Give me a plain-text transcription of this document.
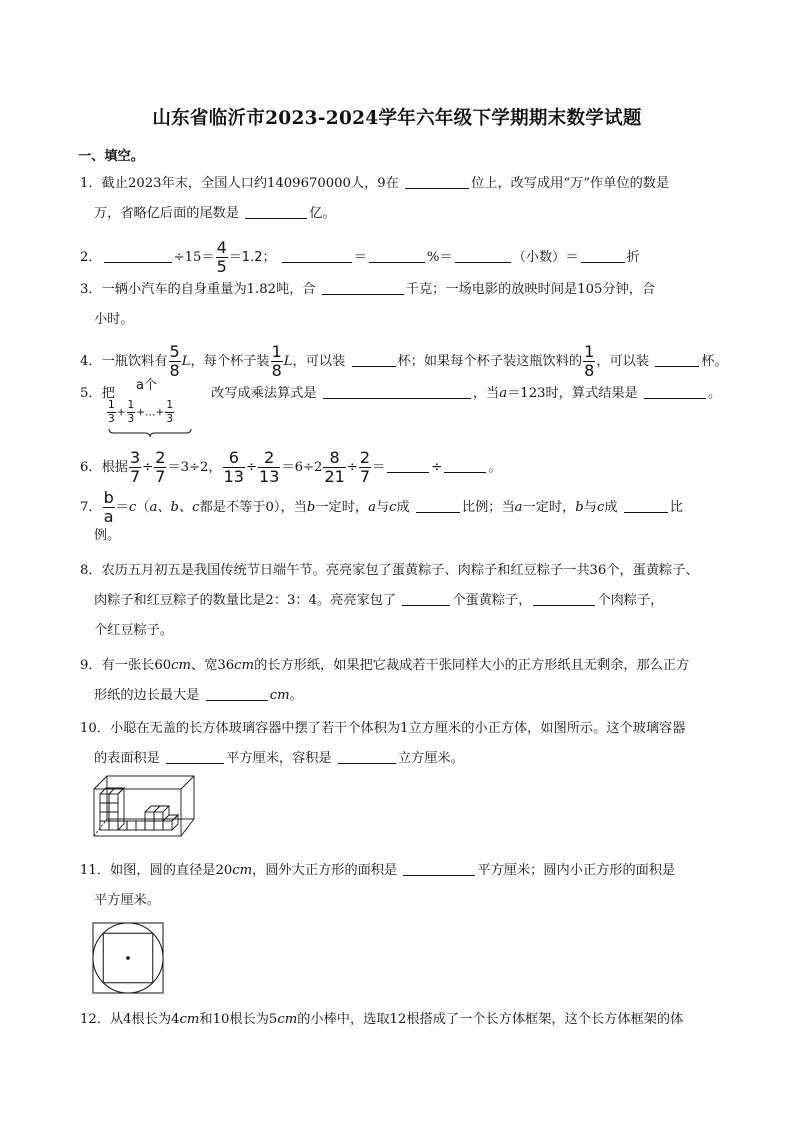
山东省临沂市2023-2024学年六年级下学期期末数学试题
一、填空。
1．截止2023年末，全国人口约1409670000人，9在	位上，改写成用“万”作单位的数是
万，省略亿后面的尾数是	亿。
2．	$\div 15= \frac{4}{5} =1.2$；	＝	%＝	（小数）＝	折
3．一辆小汽车的自身重量为1.82吨，合	千克；一场电影的放映时间是105分钟，合
小时。
4．一瓶饮料有 $\frac{5}{8}$ L，每个杯子装 $\frac{1}{8}$ L，可以装	杯；如果每个杯子装这瓶饮料的 $\frac{1}{8}$ ，可以装	杯。
5．把	改写成乘法算式是	，当a＝123时，算式结果是	。
a个
$\frac{1}{3} + \frac{1}{3}$ +…+ $\frac{1}{3}$
6．根据 $\frac{3}{7} \div \frac{2}{7} =3\div 2$， $\frac{6}{13} \div \frac{2}{13} =6\div 2 \frac{8}{21} \div \frac{2}{7}$ ＝	÷	。
7． $\frac{b}{a} =c(a$、b、c都是不等于0），当b一定时，a与c成	比例；当a一定时，b与c成	比
例。
8．农历五月初五是我国传统节日端午节。亮亮家包了蛋黄粽子、肉粽子和红豆粽子一共36个，蛋黄粽子、
肉粽子和红豆粽子的数量比是2：3：4。亮亮家包了	个蛋黄粽子，	个肉粽子，
个红豆粽子。
9．有一张长60cm、宽36cm的长方形纸，如果把它裁成若干张同样大小的正方形纸且无剩余，那么正方
形纸的边长最大是	cm。
10．小聪在无盖的长方体玻璃容器中摆了若干个体积为1立方厘米的小正方体，如图所示。这个玻璃容器
的表面积是	平方厘米，容积是	立方厘米。
11．如图，圆的直径是20cm，圆外大正方形的面积是	平方厘米；圆内小正方形的面积是
平方厘米。
12．从4根长为4cm和10根长为5cm的小棒中，选取12根搭成了一个长方体框架，这个长方体框架的体
